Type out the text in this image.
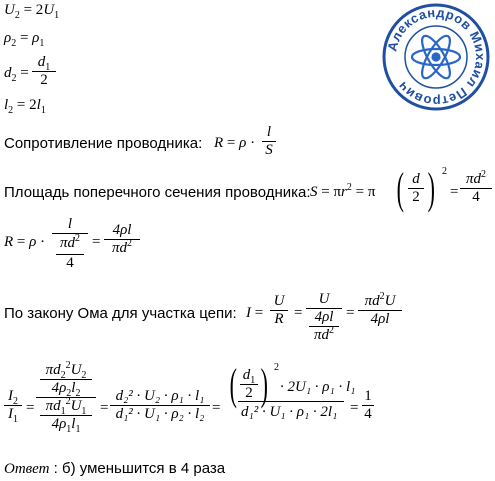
Александров Михаил Петрович
$U_2 = 2U_1$
$\rho_2 = \rho_1$
$d_2$ =
$d_1$
2
$l_2 = 2l_1$
Сопротивление проводника: R = ρ ·
l
S
Площадь поперечного сечения проводника: $S = \pi r^2 = \pi$ ( d
2 ) 2
=
$\pi d^2$
4
R = ρ ·
l
$\pi d^2$
4
=
4ρl
$\pi d^2$
По закону Ома для участка цепи: I =
U
R =
U
4ρl
$\pi d^2$
=
$\pi d^2U$
4ρl
$I_2$
$I_1$
=
$\pi d_2^2U_2$
$4\rho_2l_2$
$\pi d_1^2U_1$
$4\rho_1l_1$
=
d₂² · U₂ · ρ₁ · l₁
d₁² · U₁ · ρ₂ · l₂ = ( $d_1$
2 ) 2
· 2U₁ · ρ₁ · l₁
d₁² · U₁ · ρ₁ · 2l₁ =
1
4
Ответ : б) уменьшится в 4 раза
